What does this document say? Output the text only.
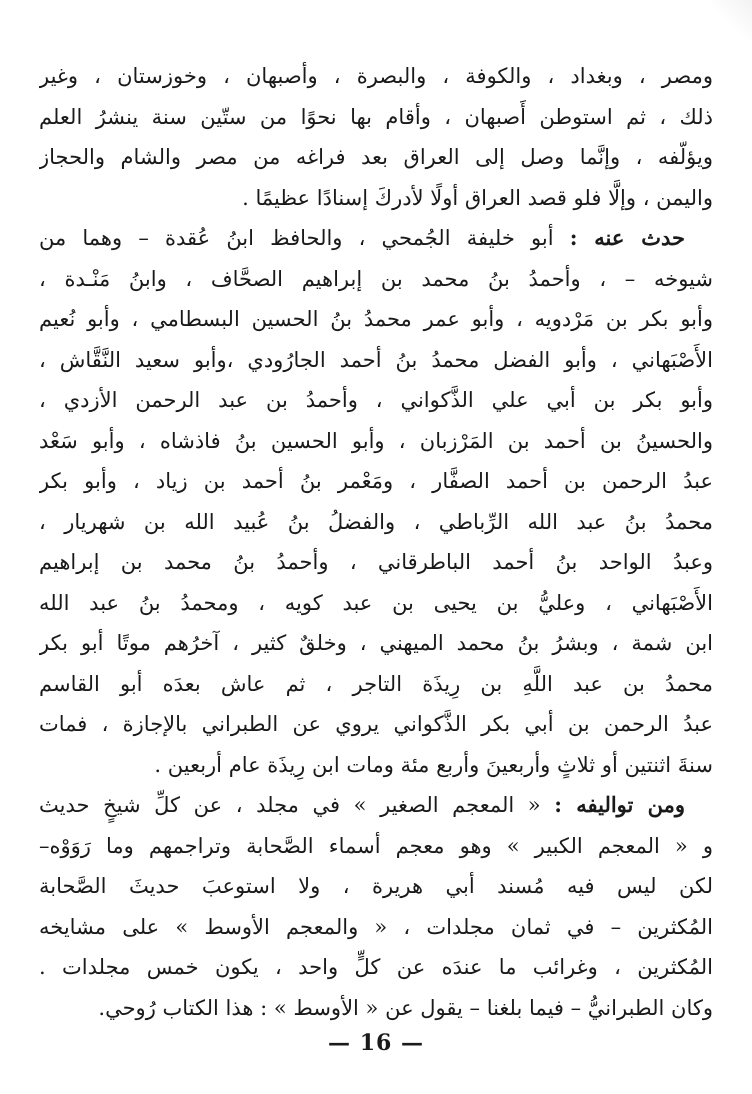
ومصر ، وبغداد ، والكوفة ، والبصرة ، وأصبهان ، وخوزستان ، وغير
ذلك ، ثم استوطن أَصبهان ، وأقام بها نحوًا من ستّين سنة ينشرُ العلم
ويؤلّفه ، وإنَّما وصل إلى العراق بعد فراغه من مصر والشام والحجاز
واليمن ، وإلَّا فلو قصد العراق أولًا لأدركَ إسنادًا عظيمًا .
حدث عنه : أبو خليفة الجُمحي ، والحافظ ابنُ عُقدة – وهما من
شيوخه – ، وأحمدُ بنُ محمد بن إبراهيم الصحَّاف ، وابنُ مَنْـدة ،
وأبو بكر بن مَرْدويه ، وأبو عمر محمدُ بنُ الحسين البسطامي ، وأبو نُعيم
الأَصْبَهاني ، وأبو الفضل محمدُ بنُ أحمد الجارُودي ،وأبو سعيد النَّقَّاش ،
وأبو بكر بن أبي علي الذَّكواني ، وأحمدُ بن عبد الرحمن الأزدي ،
والحسينُ بن أحمد بن المَرْزبان ، وأبو الحسين بنُ فاذشاه ، وأبو سَعْد
عبدُ الرحمن بن أحمد الصفَّار ، ومَعْمر بنُ أحمد بن زياد ، وأبو بكر
محمدُ بنُ عبد الله الرِّباطي ، والفضلُ بنُ عُبيد الله بن شهريار ،
وعبدُ الواحد بنُ أحمد الباطرقاني ، وأحمدُ بنُ محمد بن إبراهيم
الأَصْبَهاني ، وعليُّ بن يحيى بن عبد كويه ، ومحمدُ بنُ عبد الله
ابن شمة ، وبشرُ بنُ محمد الميهني ، وخلقٌ كثير ، آخرُهم موتًا أبو بكر
محمدُ بن عبد اللَّهِ بن رِيذَة التاجر ، ثم عاش بعدَه أبو القاسم
عبدُ الرحمن بن أبي بكر الذَّكواني يروي عن الطبراني بالإجازة ، فمات
سنةَ اثنتين أو ثلاثٍ وأربعينَ وأربع مئة ومات ابن رِيذَة عام أربعين .
ومن تواليفه : « المعجم الصغير » في مجلد ، عن كلِّ شيخٍ حديث
و « المعجم الكبير » وهو معجم أسماء الصَّحابة وتراجمهم وما رَوَوْه–
لكن ليس فيه مُسند أبي هريرة ، ولا استوعبَ حديثَ الصَّحابة
المُكثرين – في ثمان مجلدات ، « والمعجم الأوسط » على مشايخه
المُكثرين ، وغرائب ما عندَه عن كلٍّ واحد ، يكون خمس مجلدات .
وكان الطبرانيُّ – فيما بلغنا – يقول عن « الأوسط » : هذا الكتاب رُوحي.
— 16 —
